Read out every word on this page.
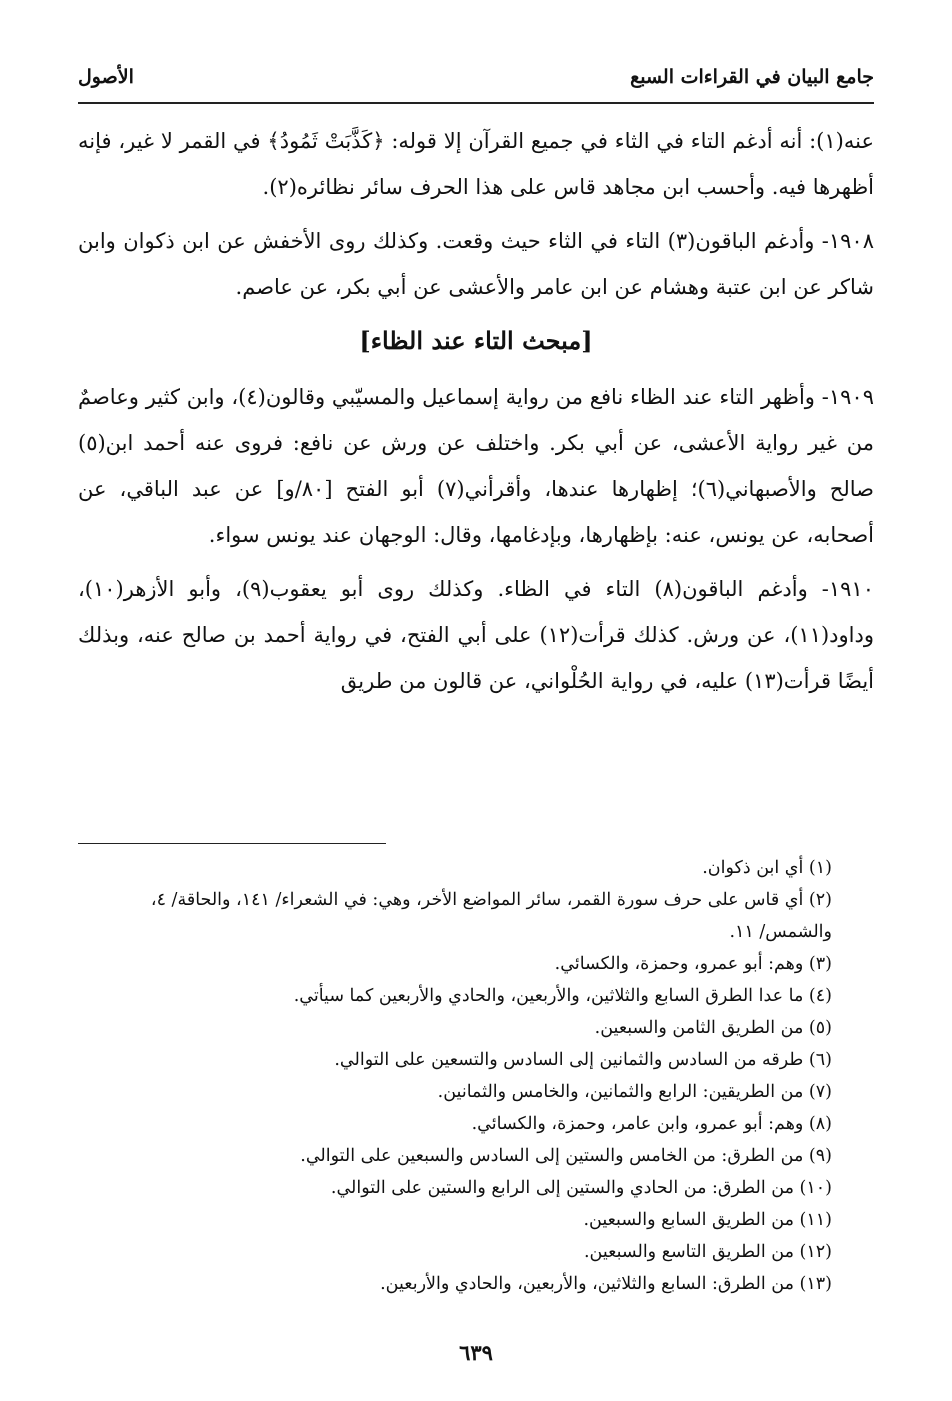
جامع البيان في القراءات السبع
الأصول

عنه(١): أنه أدغم التاء في الثاء في جميع القرآن إلا قوله: ﴿كَذَّبَتْ ثَمُودُ﴾ في القمر لا غير، فإنه أظهرها فيه. وأحسب ابن مجاهد قاس على هذا الحرف سائر نظائره(٢).

١٩٠٨- وأدغم الباقون(٣) التاء في الثاء حيث وقعت. وكذلك روى الأخفش عن ابن ذكوان وابن شاكر عن ابن عتبة وهشام عن ابن عامر والأعشى عن أبي بكر، عن عاصم.

[مبحث التاء عند الظاء]

١٩٠٩- وأظهر التاء عند الظاء نافع من رواية إسماعيل والمسيّبي وقالون(٤)، وابن كثير وعاصمٌ من غير رواية الأعشى، عن أبي بكر. واختلف عن ورش عن نافع: فروى عنه أحمد ابن(٥) صالح والأصبهاني(٦)؛ إظهارها عندها، وأقرأني(٧) أبو الفتح [٨٠/و] عن عبد الباقي، عن أصحابه، عن يونس، عنه: بإظهارها، وبإدغامها، وقال: الوجهان عند يونس سواء.

١٩١٠- وأدغم الباقون(٨) التاء في الظاء. وكذلك روى أبو يعقوب(٩)، وأبو الأزهر(١٠)، وداود(١١)، عن ورش. كذلك قرأت(١٢) على أبي الفتح، في رواية أحمد بن صالح عنه، وبذلك أيضًا قرأت(١٣) عليه، في رواية الحُلْواني، عن قالون من طريق

(١) أي ابن ذكوان.

(٢) أي قاس على حرف سورة القمر، سائر المواضع الأخر، وهي: في الشعراء/ ١٤١، والحاقة/ ٤، والشمس/ ١١.

(٣) وهم: أبو عمرو، وحمزة، والكسائي.

(٤) ما عدا الطرق السابع والثلاثين، والأربعين، والحادي والأربعين كما سيأتي.

(٥) من الطريق الثامن والسبعين.

(٦) طرقه من السادس والثمانين إلى السادس والتسعين على التوالي.

(٧) من الطريقين: الرابع والثمانين، والخامس والثمانين.

(٨) وهم: أبو عمرو، وابن عامر، وحمزة، والكسائي.

(٩) من الطرق: من الخامس والستين إلى السادس والسبعين على التوالي.

(١٠) من الطرق: من الحادي والستين إلى الرابع والستين على التوالي.

(١١) من الطريق السابع والسبعين.

(١٢) من الطريق التاسع والسبعين.

(١٣) من الطرق: السابع والثلاثين، والأربعين، والحادي والأربعين.

٦٣٩
